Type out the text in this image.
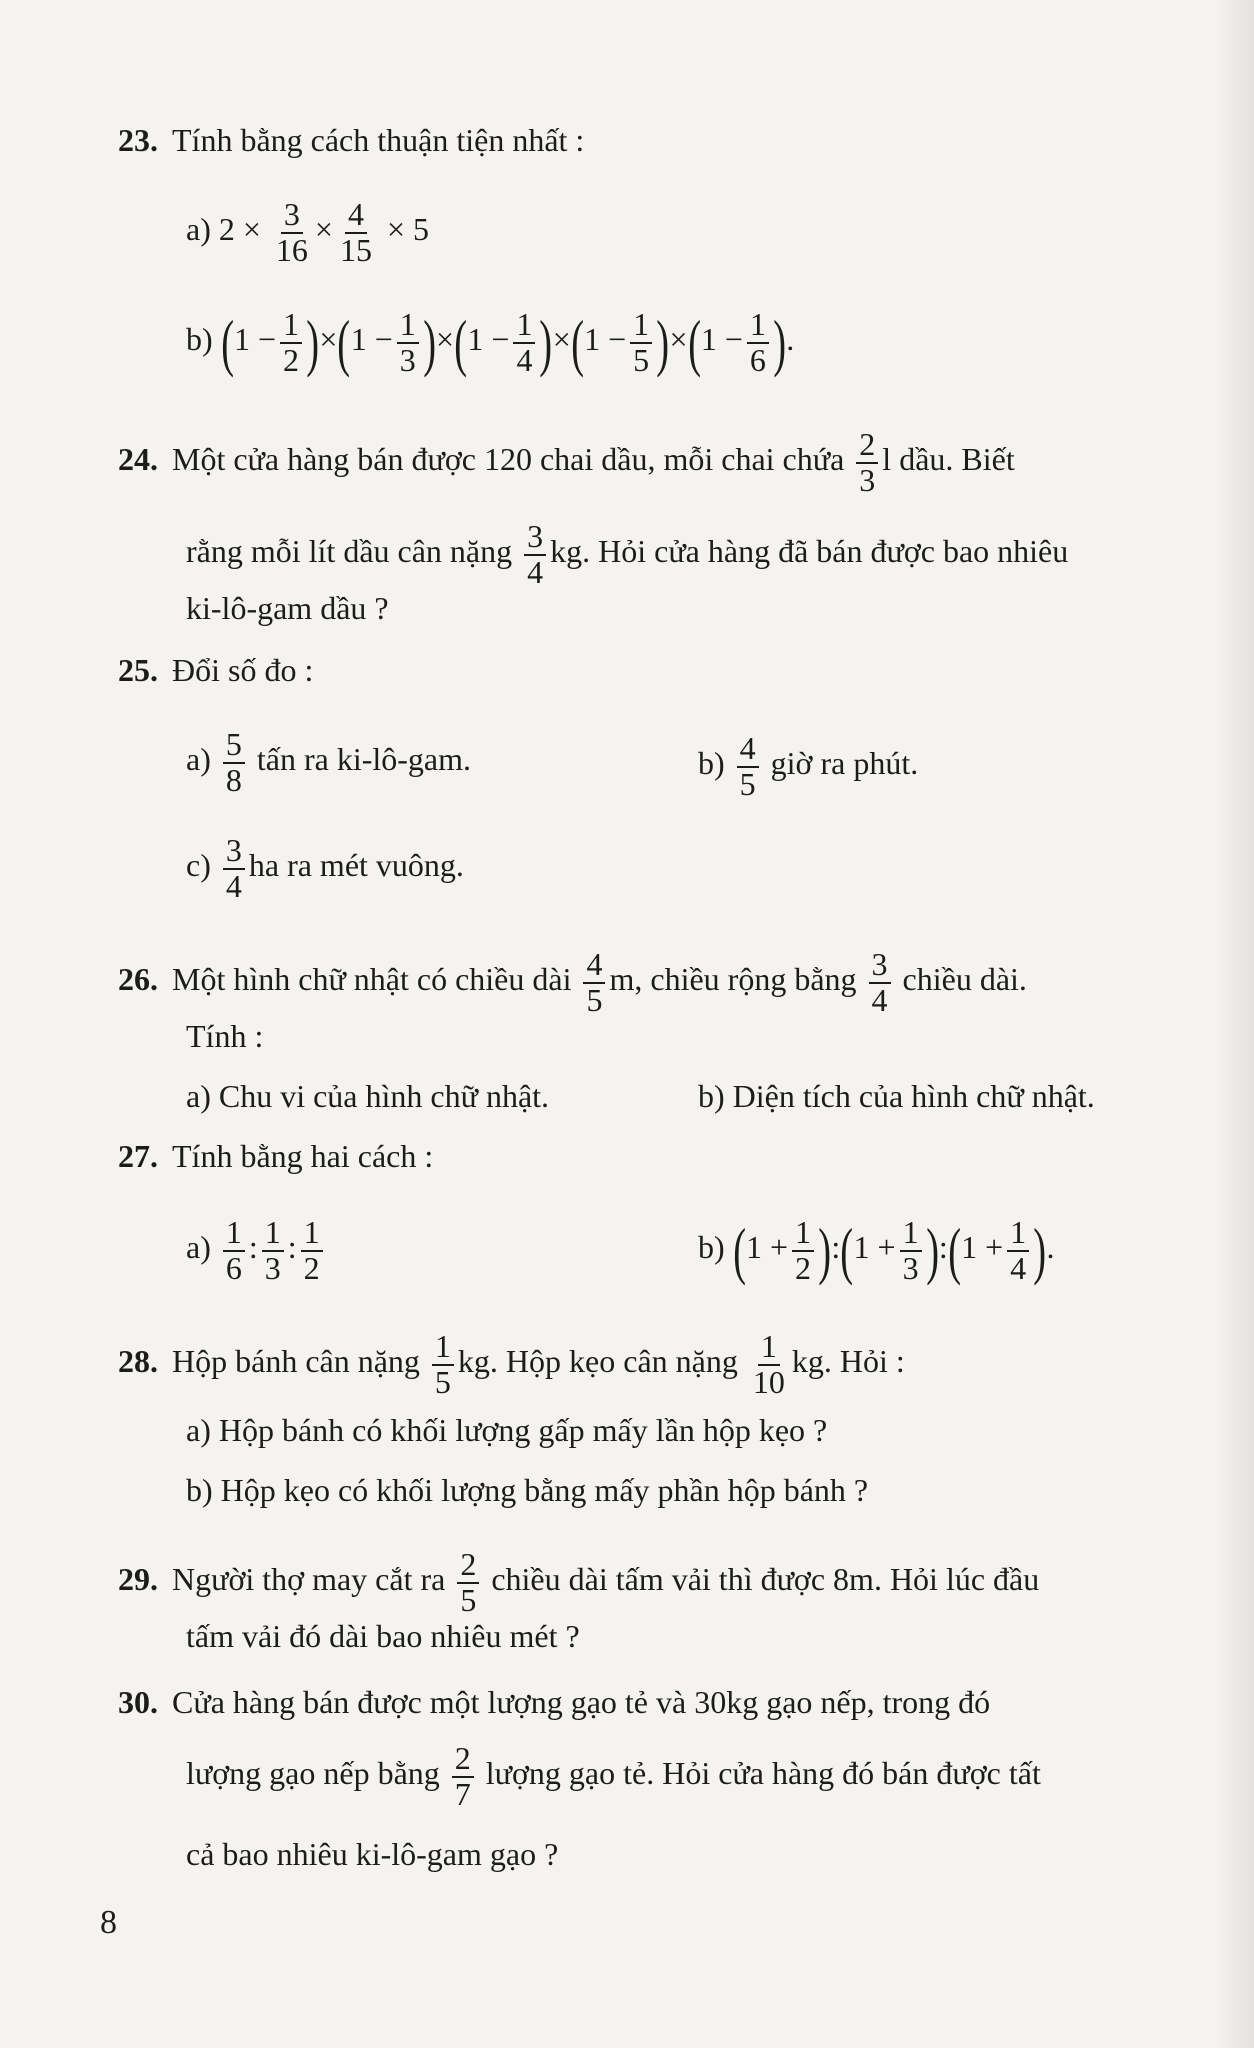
23. Tính bằng cách thuận tiện nhất :
a) $2 \times \frac{3}{16} \times \frac{4}{15} \times 5$
b) $(1 - \frac{1}{2} )\times(1 - \frac{1}{3} )\times(1 - \frac{1}{4} )\times(1 - \frac{1}{5} )\times(1 - \frac{1}{6}$ ).
24. Một cửa hàng bán được 120 chai dầu, mỗi chai chứa $\frac{2}{3}$ l dầu. Biết
rằng mỗi lít dầu cân nặng $\frac{3}{4}$ kg. Hỏi cửa hàng đã bán được bao nhiêu
ki-lô-gam dầu ?
25. Đổi số đo :
$a) \frac{5}{8}$ tấn ra ki-lô-gam.	$b) \frac{4}{5}$ giờ ra phút.
$c) \frac{3}{4}$ ha ra mét vuông.
26. Một hình chữ nhật có chiều dài $\frac{4}{5} m$, chiều rộng bằng $\frac{3}{4}$ chiều dài.
Tính :
a) Chu vi của hình chữ nhật.	b) Diện tích của hình chữ nhật.
27. Tính bằng hai cách :
$a) \frac{1}{6}$ : $\frac{1}{3}$ : $\frac{1}{2}$	b) ($1 + \frac{1}{2}$ ):(1 + $\frac{1}{3}$ ):(1 + $\frac{1}{4}$ ).
28. Hộp bánh cân nặng $\frac{1}{5}$ kg. Hộp kẹo cân nặng $\frac{1}{10}$ kg. Hỏi :
a) Hộp bánh có khối lượng gấp mấy lần hộp kẹo ?
b) Hộp kẹo có khối lượng bằng mấy phần hộp bánh ?
29. Người thợ may cắt ra $\frac{2}{5}$ chiều dài tấm vải thì được 8m. Hỏi lúc đầu
tấm vải đó dài bao nhiêu mét ?
30. Cửa hàng bán được một lượng gạo tẻ và 30kg gạo nếp, trong đó
lượng gạo nếp bằng $\frac{2}{7}$ lượng gạo tẻ. Hỏi cửa hàng đó bán được tất
cả bao nhiêu ki-lô-gam gạo ?
8
